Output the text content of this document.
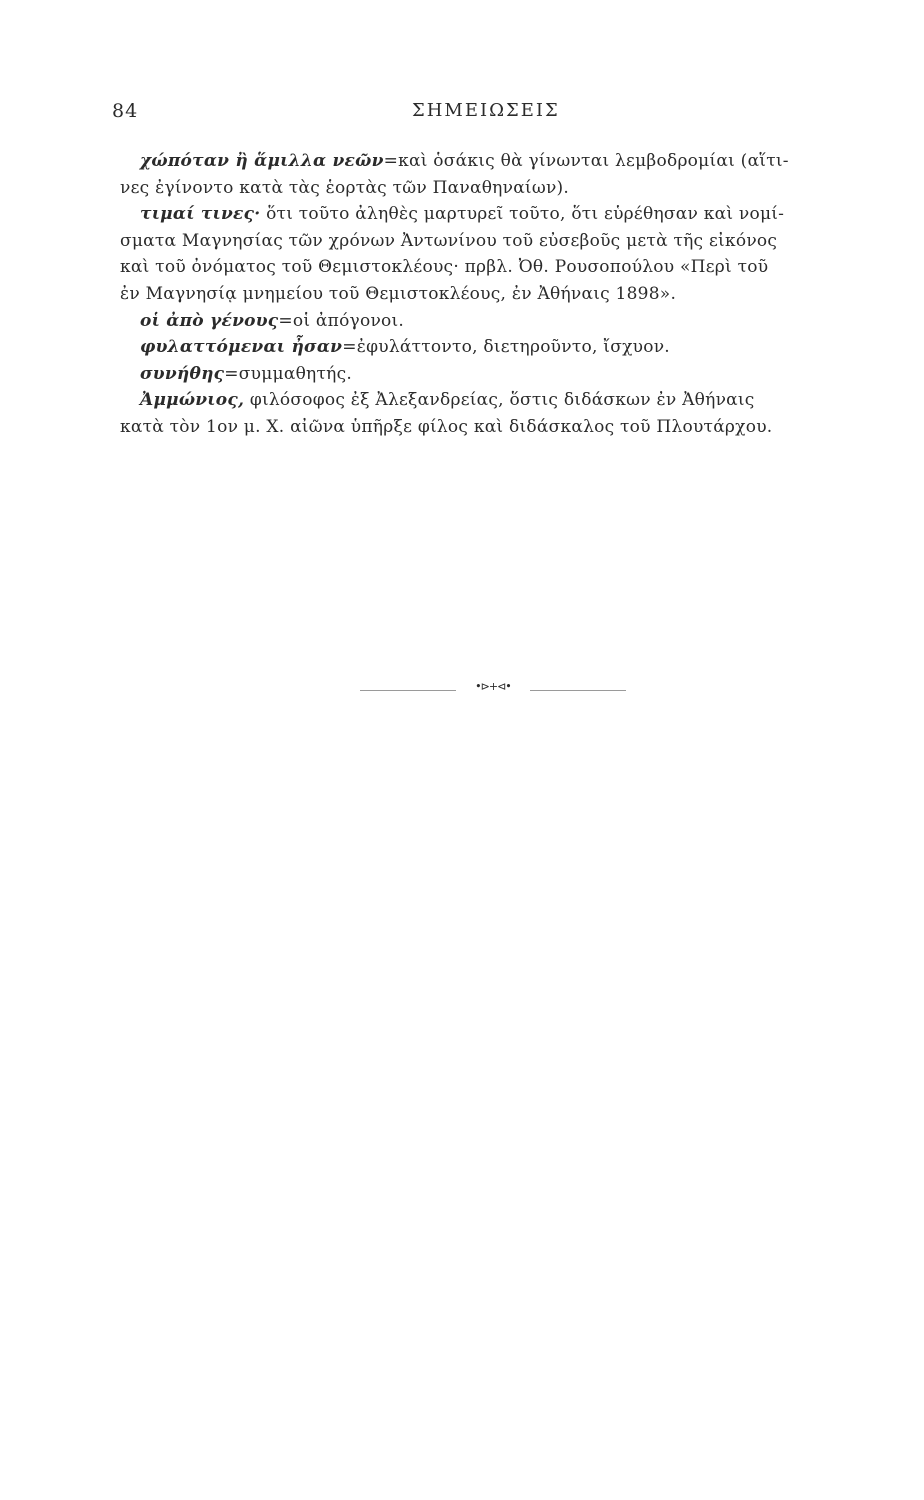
84	ΣΗΜΕΙΩΣΕΙΣ
χώπόταν ἢ ἅμιλλα νεῶν=καὶ ὁσάκις θὰ γίνωνται λεμβοδρομίαι (αἵτι-
νες ἐγίνοντο κατὰ τὰς ἑορτὰς τῶν Παναθηναίων).
τιμαί τινες· ὅτι τοῦτο ἀληθὲς μαρτυρεῖ τοῦτο, ὅτι εὑρέθησαν καὶ νομί-
σματα Μαγνησίας τῶν χρόνων Ἀντωνίνου τοῦ εὐσεβοῦς μετὰ τῆς εἰκόνος
καὶ τοῦ ὀνόματος τοῦ Θεμιστοκλέους· πρβλ. Ὀθ. Ρουσοπούλου «Περὶ τοῦ
ἐν Μαγνησίᾳ μνημείου τοῦ Θεμιστοκλέους, ἐν Ἀθήναις 1898».
οἱ ἀπὸ γένους=οἱ ἀπόγονοι.
φυλαττόμεναι ἦσαν=ἐφυλάττοντο, διετηροῦντο, ἴσχυον.
συνήθης=συμμαθητής.
Ἀμμώνιος, φιλόσοφος ἐξ Ἀλεξανδρείας, ὅστις διδάσκων ἐν Ἀθήναις
κατὰ τὸν 1ον μ. Χ. αἰῶνα ὑπῆρξε φίλος καὶ διδάσκαλος τοῦ Πλουτάρχου.
•⊳+⊲•
